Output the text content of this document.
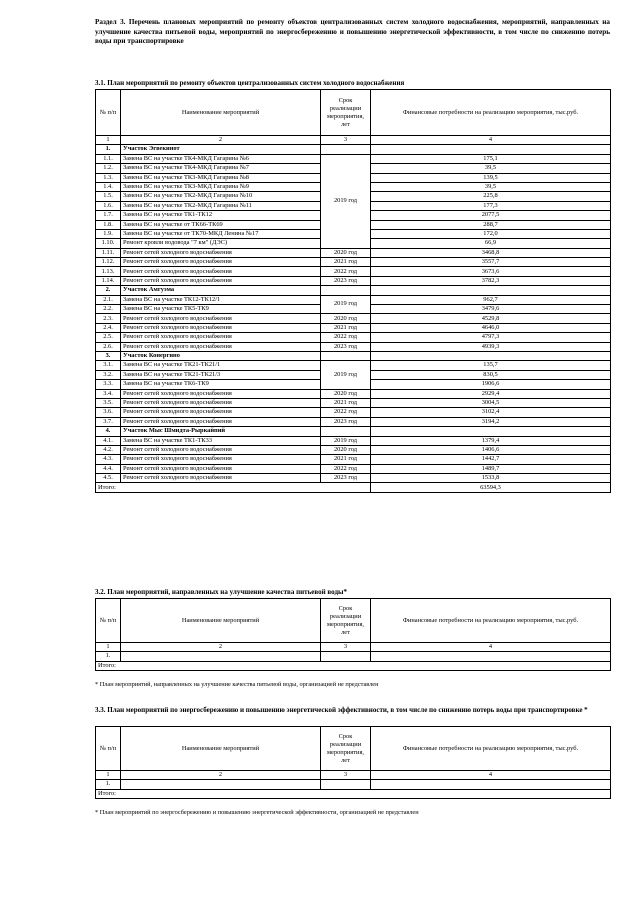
Раздел 3. Перечень плановых мероприятий по ремонту объектов централизованных систем холодного водоснабжения, мероприятий, направленных на улучшение качества питьевой воды, мероприятий по энергосбережению и повышению энергетической эффективности, в том числе по снижению потерь воды при транспортировке
3.1. План мероприятий по ремонту объектов централизованных систем холодного водоснабжения
№ п/п	Наименование мероприятий	Срок реализации мероприятия, лет	Финансовые потребности на реализацию мероприятия, тыс.руб.
1	2	3	4
1.	Участок Эгвекинот		
1.1.	Замена ВС на участке ТК4-МКД Гагарина №6	2019 год	175,1
1.2.	Замена ВС на участке ТК4-МКД Гагарина №7		39,5
1.3.	Замена ВС на участке ТК3-МКД Гагарина №8		139,5
1.4.	Замена ВС на участке ТК3-МКД Гагарина №9		39,5
1.5.	Замена ВС на участке ТК2-МКД Гагарина №10		225,8
1.6.	Замена ВС на участке ТК2-МКД Гагарина №11		177,3
1.7.	Замена ВС на участке ТК1-ТК12		2077,5
1.8.	Замена ВС на участке от ТК66-ТК69		288,7
1.9.	Замена ВС на участке от ТК70-МКД Ленина №17		172,0
1.10.	Ремонт кровли водовода "7 км" (ДЭС)		66,9
1.11.	Ремонт сетей холодного водоснабжения	2020 год	3468,8
1.12.	Ремонт сетей холодного водоснабжения	2021 год	3557,7
1.13.	Ремонт сетей холодного водоснабжения	2022 год	3673,6
1.14.	Ремонт сетей холодного водоснабжения	2023 год	3782,3
2.	Участок Амгуэма		
2.1.	Замена ВС на участке ТК12-ТК12/1	2019 год	962,7
2.2.	Замена ВС на участке ТК5-ТК9		3479,6
2.3.	Ремонт сетей холодного водоснабжения	2020 год	4529,8
2.4.	Ремонт сетей холодного водоснабжения	2021 год	4646,0
2.5.	Ремонт сетей холодного водоснабжения	2022 год	4797,3
2.6.	Ремонт сетей холодного водоснабжения	2023 год	4939,3
3.	Участок Конергино		
3.1.	Замена ВС на участке ТК21-ТК21/1	2019 год	135,7
3.2.	Замена ВС на участке ТК21-ТК21/3		830,5
3.3.	Замена ВС на участке ТК6-ТК9		1906,6
3.4.	Ремонт сетей холодного водоснабжения	2020 год	2929,4
3.5.	Ремонт сетей холодного водоснабжения	2021 год	3004,5
3.6.	Ремонт сетей холодного водоснабжения	2022 год	3102,4
3.7.	Ремонт сетей холодного водоснабжения	2023 год	3194,2
4.	Участок Мыс Шмидта-Рыркайпий		
4.1.	Замена ВС на участке ТК1-ТК33	2019 год	1379,4
4.2.	Ремонт сетей холодного водоснабжения	2020 год	1406,6
4.3.	Ремонт сетей холодного водоснабжения	2021 год	1442,7
4.4.	Ремонт сетей холодного водоснабжения	2022 год	1489,7
4.5.	Ремонт сетей холодного водоснабжения	2023 год	1533,8
Итого:			63594,3
3.2. План мероприятий, направленных на улучшение качества питьевой воды*
№ п/п	Наименование мероприятий	Срок реализации мероприятия, лет	Финансовые потребности на реализацию мероприятия, тыс.руб.
1	2	3	4
1.			
Итого:			
* План мероприятий, направленных на улучшение качества питьевой воды, организацией не представлен
3.3. План мероприятий по энергосбережению и повышению энергетической эффективности, в том числе по снижению потерь воды при транспортировке *
№ п/п	Наименование мероприятий	Срок реализации мероприятия, лет	Финансовые потребности на реализацию мероприятия, тыс.руб.
1	2	3	4
1.			
Итого:			
* План мероприятий по энергосбережению и повышению энергетической эффективности, организацией не представлен
